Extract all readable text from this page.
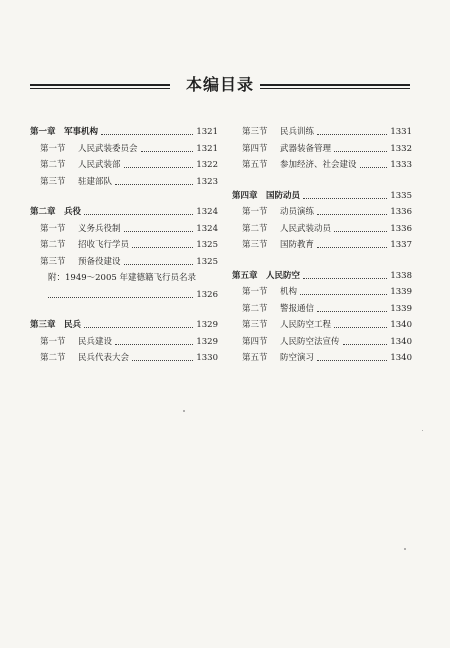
本编目录
第一章 军事机构	1321
第一节	人民武装委员会	1321
第二节	人民武装部	1322
第三节	驻建部队	1323
第二章 兵役	1324
第一节	义务兵役制	1324
第二节	招收飞行学员	1325
第三节	预备役建设	1325
附：1949～2005 年建德籍飞行员名录
1326
第三章 民兵	1329
第一节	民兵建设	1329
第二节	民兵代表大会	1330
第三节	民兵训练	1331
第四节	武器装备管理	1332
第五节	参加经济、社会建设	1333
第四章 国防动员	1335
第一节	动员演练	1336
第二节	人民武装动员	1336
第三节	国防教育	1337
第五章 人民防空	1338
第一节	机构	1339
第二节	警报通信	1339
第三节	人民防空工程	1340
第四节	人民防空法宣传	1340
第五节	防空演习	1340
